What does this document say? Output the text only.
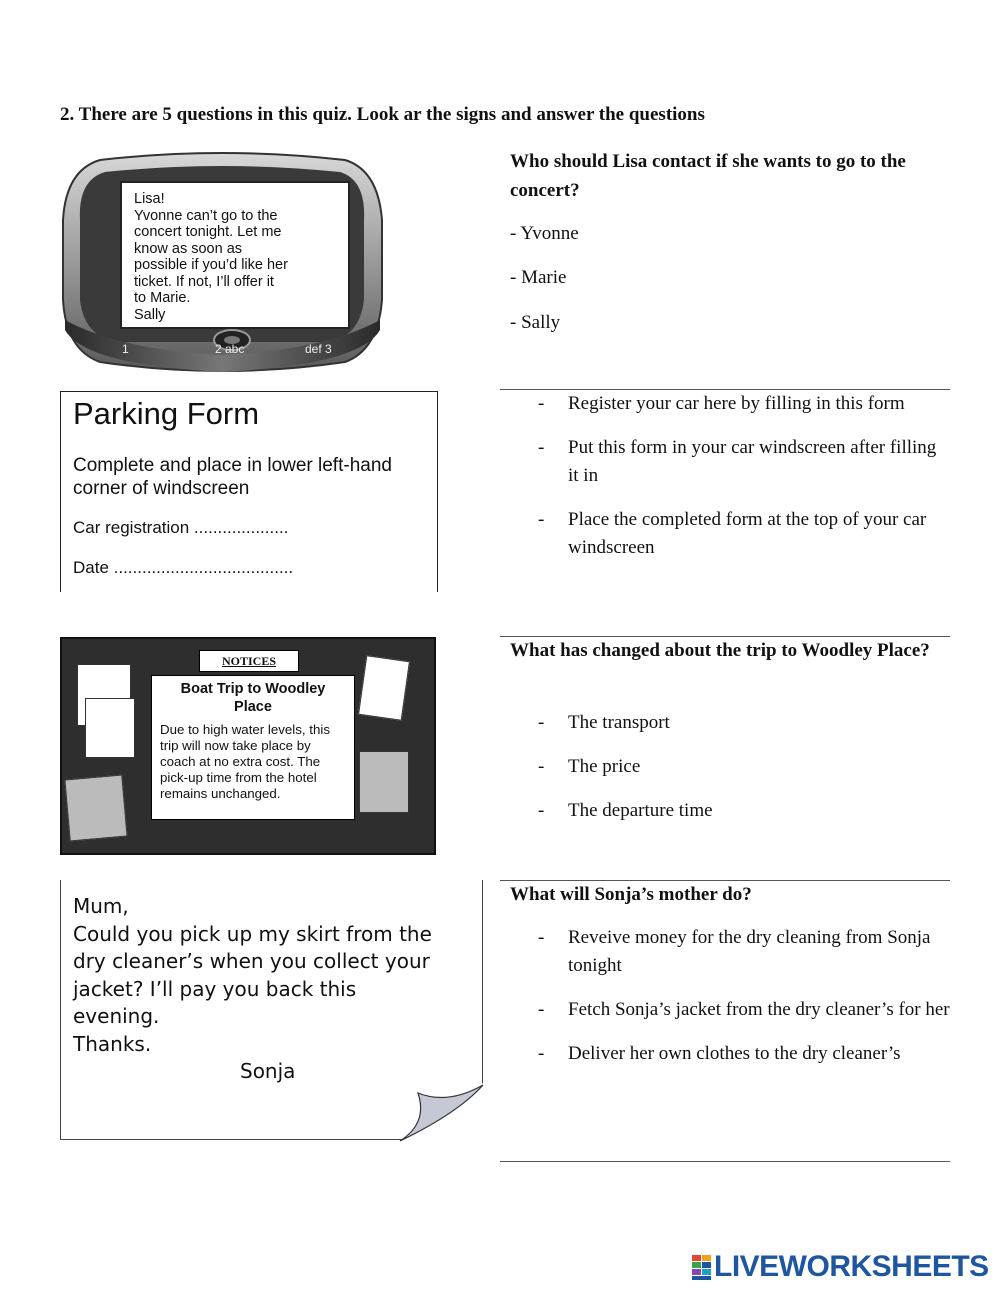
2. There are 5 questions in this quiz. Look ar the signs and answer the questions
1	2 abc	def 3
Lisa!
Yvonne can’t go to the
concert tonight. Let me
know as soon as
possible if you’d like her
ticket. If not, I’ll offer it
to Marie.
Sally
Who should Lisa contact if she wants to go to the concert?
- Yvonne
- Marie
- Sally
Parking Form
Complete and place in lower left-hand corner of windscreen
Car registration ....................
Date ......................................
- Register your car here by filling in this form
- Put this form in your car windscreen after filling it in
- Place the completed form at the top of your car windscreen
NOTICES
Boat Trip to Woodley Place
Due to high water levels, this trip will now take place by coach at no extra cost. The pick-up time from the hotel remains unchanged.
What has changed about the trip to Woodley Place?
- The transport
- The price
- The departure time
Mum,
Could you pick up my skirt from the
dry cleaner’s when you collect your
jacket? I’ll pay you back this
evening.
Thanks.
Sonja
What will Sonja’s mother do?
- Reveive money for the dry cleaning from Sonja tonight
- Fetch Sonja’s jacket from the dry cleaner’s for her
- Deliver her own clothes to the dry cleaner’s
LIVEWORKSHEETS
